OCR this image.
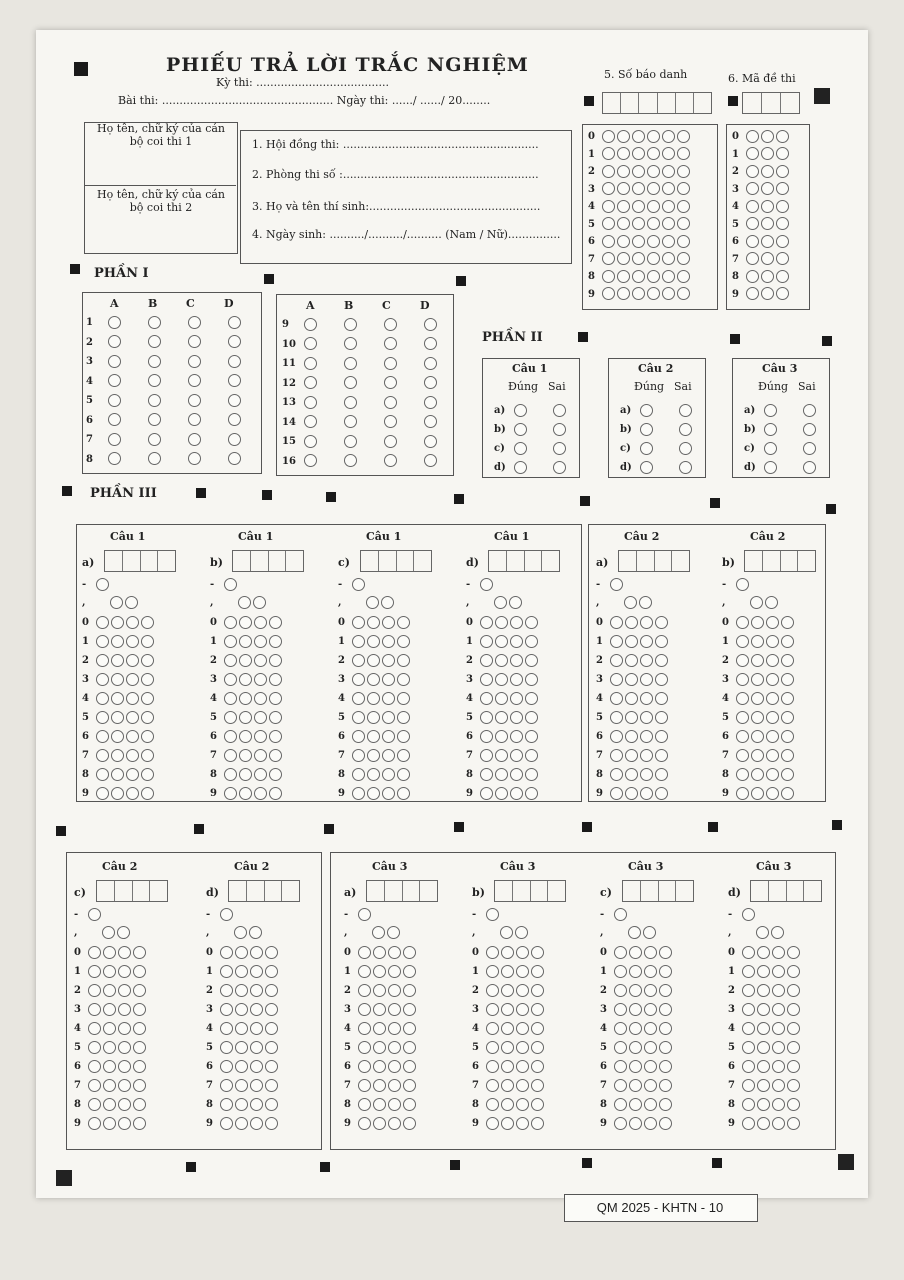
PHIẾU TRẢ LỜI TRẮC NGHIỆM
Kỳ thi: ......................................
Bài thi: ................................................. Ngày thi: ....../ ....../ 20........
5. Số báo danh	6. Mã đề thi
Họ tên, chữ ký của cán bộ coi thi 1
Họ tên, chữ ký của cán bộ coi thi 2
1. Hội đồng thi: ........................................................
2. Phòng thi số :........................................................
3. Họ và tên thí sinh:.................................................
4. Ngày sinh: ........../........../.......... (Nam / Nữ)...............
0
1
2
3
4
5
6
7
8
9
0
1
2
3
4
5
6
7
8
9
PHẦN I
A	B	C	D
1
2
3
4
5
6
7
8
A	B	C	D
9
10
11
12
13
14
15
16
PHẦN II
Câu 1
Đúng Sai
a)
b)
c)
d)
Câu 2
Đúng Sai
a)
b)
c)
d)
Câu 3
Đúng Sai
a)
b)
c)
d)
PHẦN III
Câu 1
a)
-
,
0
1
2
3
4
5
6
7
8
9
Câu 1
b)
-
,
0
1
2
3
4
5
6
7
8
9
Câu 1
c)
-
,
0
1
2
3
4
5
6
7
8
9
Câu 1
d)
-
,
0
1
2
3
4
5
6
7
8
9
Câu 2
a)
-
,
0
1
2
3
4
5
6
7
8
9
Câu 2
b)
-
,
0
1
2
3
4
5
6
7
8
9
Câu 2
c)
-
,
0
1
2
3
4
5
6
7
8
9
Câu 2
d)
-
,
0
1
2
3
4
5
6
7
8
9
Câu 3
a)
-
,
0
1
2
3
4
5
6
7
8
9
Câu 3
b)
-
,
0
1
2
3
4
5
6
7
8
9
Câu 3
c)
-
,
0
1
2
3
4
5
6
7
8
9
Câu 3
d)
-
,
0
1
2
3
4
5
6
7
8
9
QM 2025 - KHTN - 10
